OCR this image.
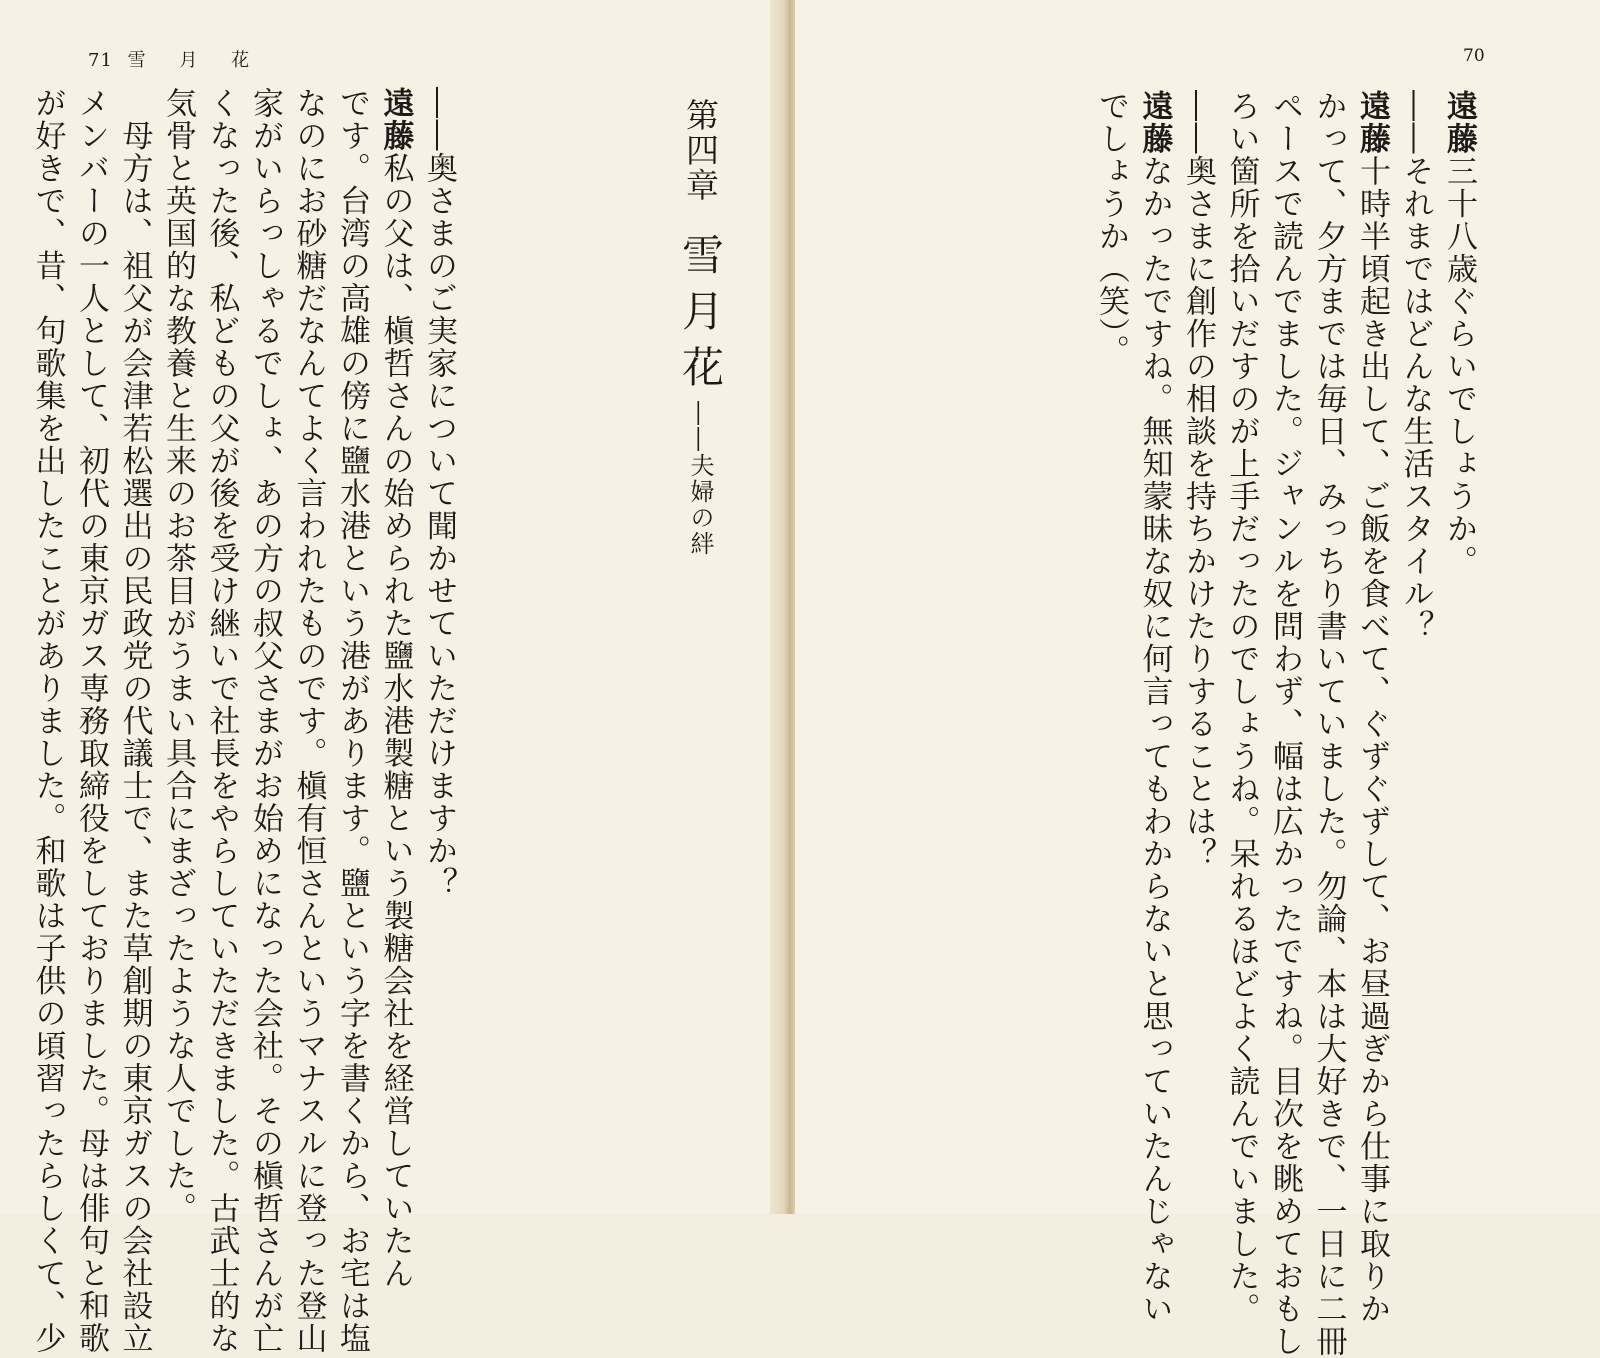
71 雪 月 花
第四章雪月花――夫婦の絆
――奥さまのご実家について聞かせていただけますか？
遠藤私の父は、槇哲さんの始められた鹽水港製糖という製糖会社を経営していたん
です。台湾の高雄の傍に鹽水港という港があります。鹽という字を書くから、お宅は塩
なのにお砂糖だなんてよく言われたものです。槇有恒さんというマナスルに登った登山
家がいらっしゃるでしょ、あの方の叔父さまがお始めになった会社。その槇哲さんが亡
くなった後、私どもの父が後を受け継いで社長をやらしていただきました。古武士的な
気骨と英国的な教養と生来のお茶目がうまい具合にまざったような人でした。
　母方は、祖父が会津若松選出の民政党の代議士で、また草創期の東京ガスの会社設立
メンバーの一人として、初代の東京ガス専務取締役をしておりました。母は俳句と和歌
が好きで、昔、句歌集を出したことがありました。和歌は子供の頃習ったらしくて、少
70
遠藤三十八歳ぐらいでしょうか。
――それまではどんな生活スタイル？
遠藤十時半頃起き出して、ご飯を食べて、ぐずぐずして、お昼過ぎから仕事に取りか
かって、夕方までは毎日、みっちり書いていました。勿論、本は大好きで、一日に二冊
ペースで読んでました。ジャンルを問わず、幅は広かったですね。目次を眺めておもし
ろい箇所を拾いだすのが上手だったのでしょうね。呆れるほどよく読んでいました。
――奥さまに創作の相談を持ちかけたりすることは？
遠藤なかったですね。無知蒙昧な奴に何言ってもわからないと思っていたんじゃない
でしょうか（笑）。
